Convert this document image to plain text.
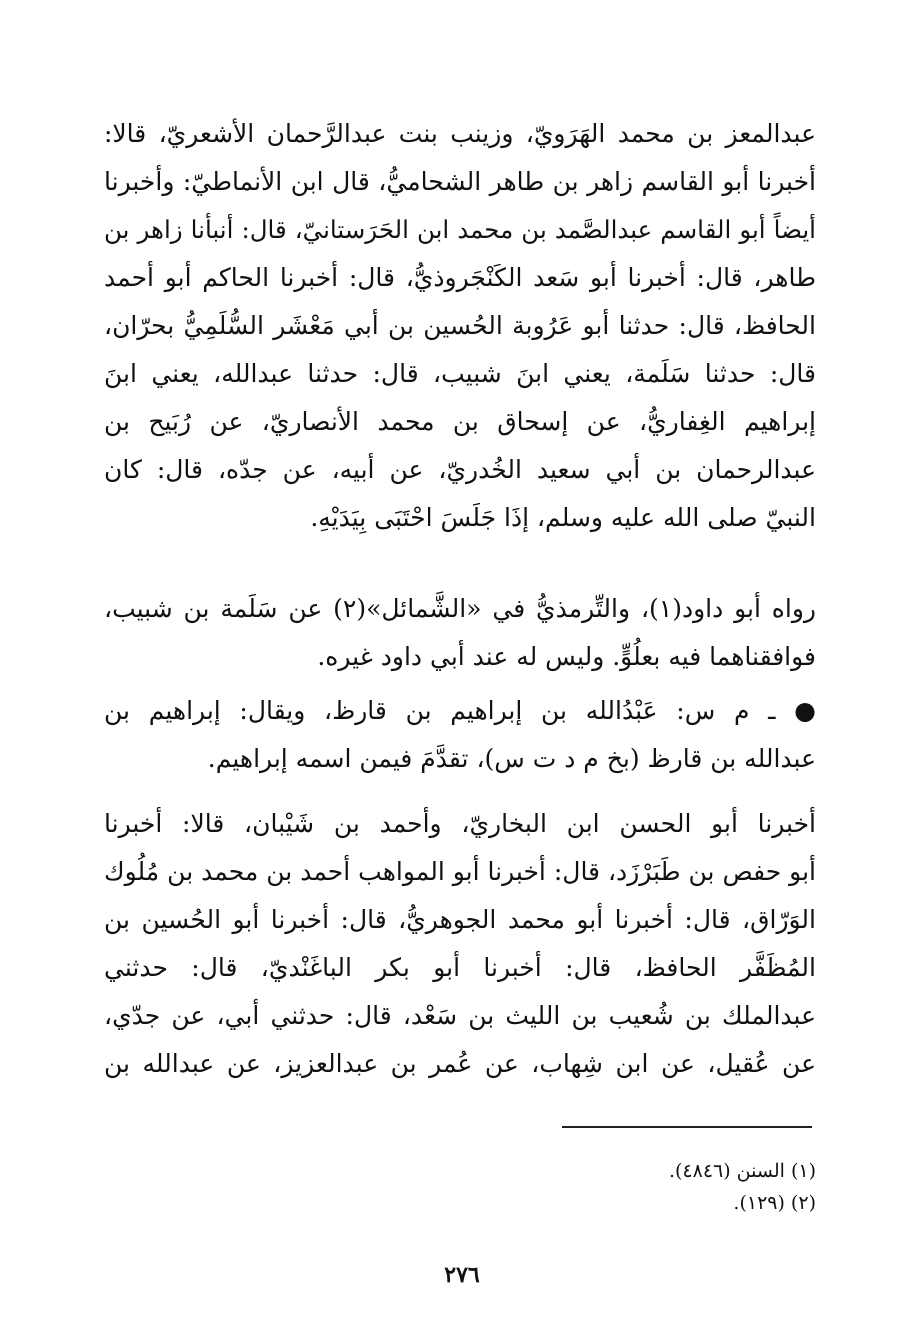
عبدالمعز بن محمد الهَرَويّ، وزينب بنت عبدالرَّحمان الأشعريّ، قالا:
أخبرنا أبو القاسم زاهر بن طاهر الشحاميُّ، قال ابن الأنماطيّ: وأخبرنا
أيضاً أبو القاسم عبدالصَّمد بن محمد ابن الحَرَستانيّ، قال: أنبأنا زاهر بن
طاهر، قال: أخبرنا أبو سَعد الكَنْجَروذيُّ، قال: أخبرنا الحاكم أبو أحمد
الحافظ، قال: حدثنا أبو عَرُوبة الحُسين بن أبي مَعْشَر السُّلَمِيُّ بحرّان،
قال: حدثنا سَلَمة، يعني ابنَ شبيب، قال: حدثنا عبدالله، يعني ابنَ
إبراهيم الغِفاريُّ، عن إسحاق بن محمد الأنصاريّ، عن رُبَيح بن
عبدالرحمان بن أبي سعيد الخُدريّ، عن أبيه، عن جدّه، قال: كان
النبيّ صلى الله عليه وسلم، إذَا جَلَسَ احْتَبَى بِيَدَيْهِ.
رواه أبو داود(١)، والتِّرمذيُّ في «الشَّمائل»(٢) عن سَلَمة بن شبيب،
فوافقناهما فيه بعلُوٍّ. وليس له عند أبي داود غيره.
● ـ م س: عَبْدُالله بن إبراهيم بن قارظ، ويقال: إبراهيم بن
عبدالله بن قارظ (بخ م د ت س)، تقدَّمَ فيمن اسمه إبراهيم.
أخبرنا أبو الحسن ابن البخاريّ، وأحمد بن شَيْبان، قالا: أخبرنا
أبو حفص بن طَبَرْزَد، قال: أخبرنا أبو المواهب أحمد بن محمد بن مُلُوك
الوَرّاق، قال: أخبرنا أبو محمد الجوهريُّ، قال: أخبرنا أبو الحُسين بن
المُظَفَّر الحافظ، قال: أخبرنا أبو بكر الباغَنْديّ، قال: حدثني
عبدالملك بن شُعيب بن الليث بن سَعْد، قال: حدثني أبي، عن جدّي،
عن عُقيل، عن ابن شِهاب، عن عُمر بن عبدالعزيز، عن عبدالله بن
(١) السنن (٤٨٤٦).
(٢) (١٢٩).
٢٧٦
